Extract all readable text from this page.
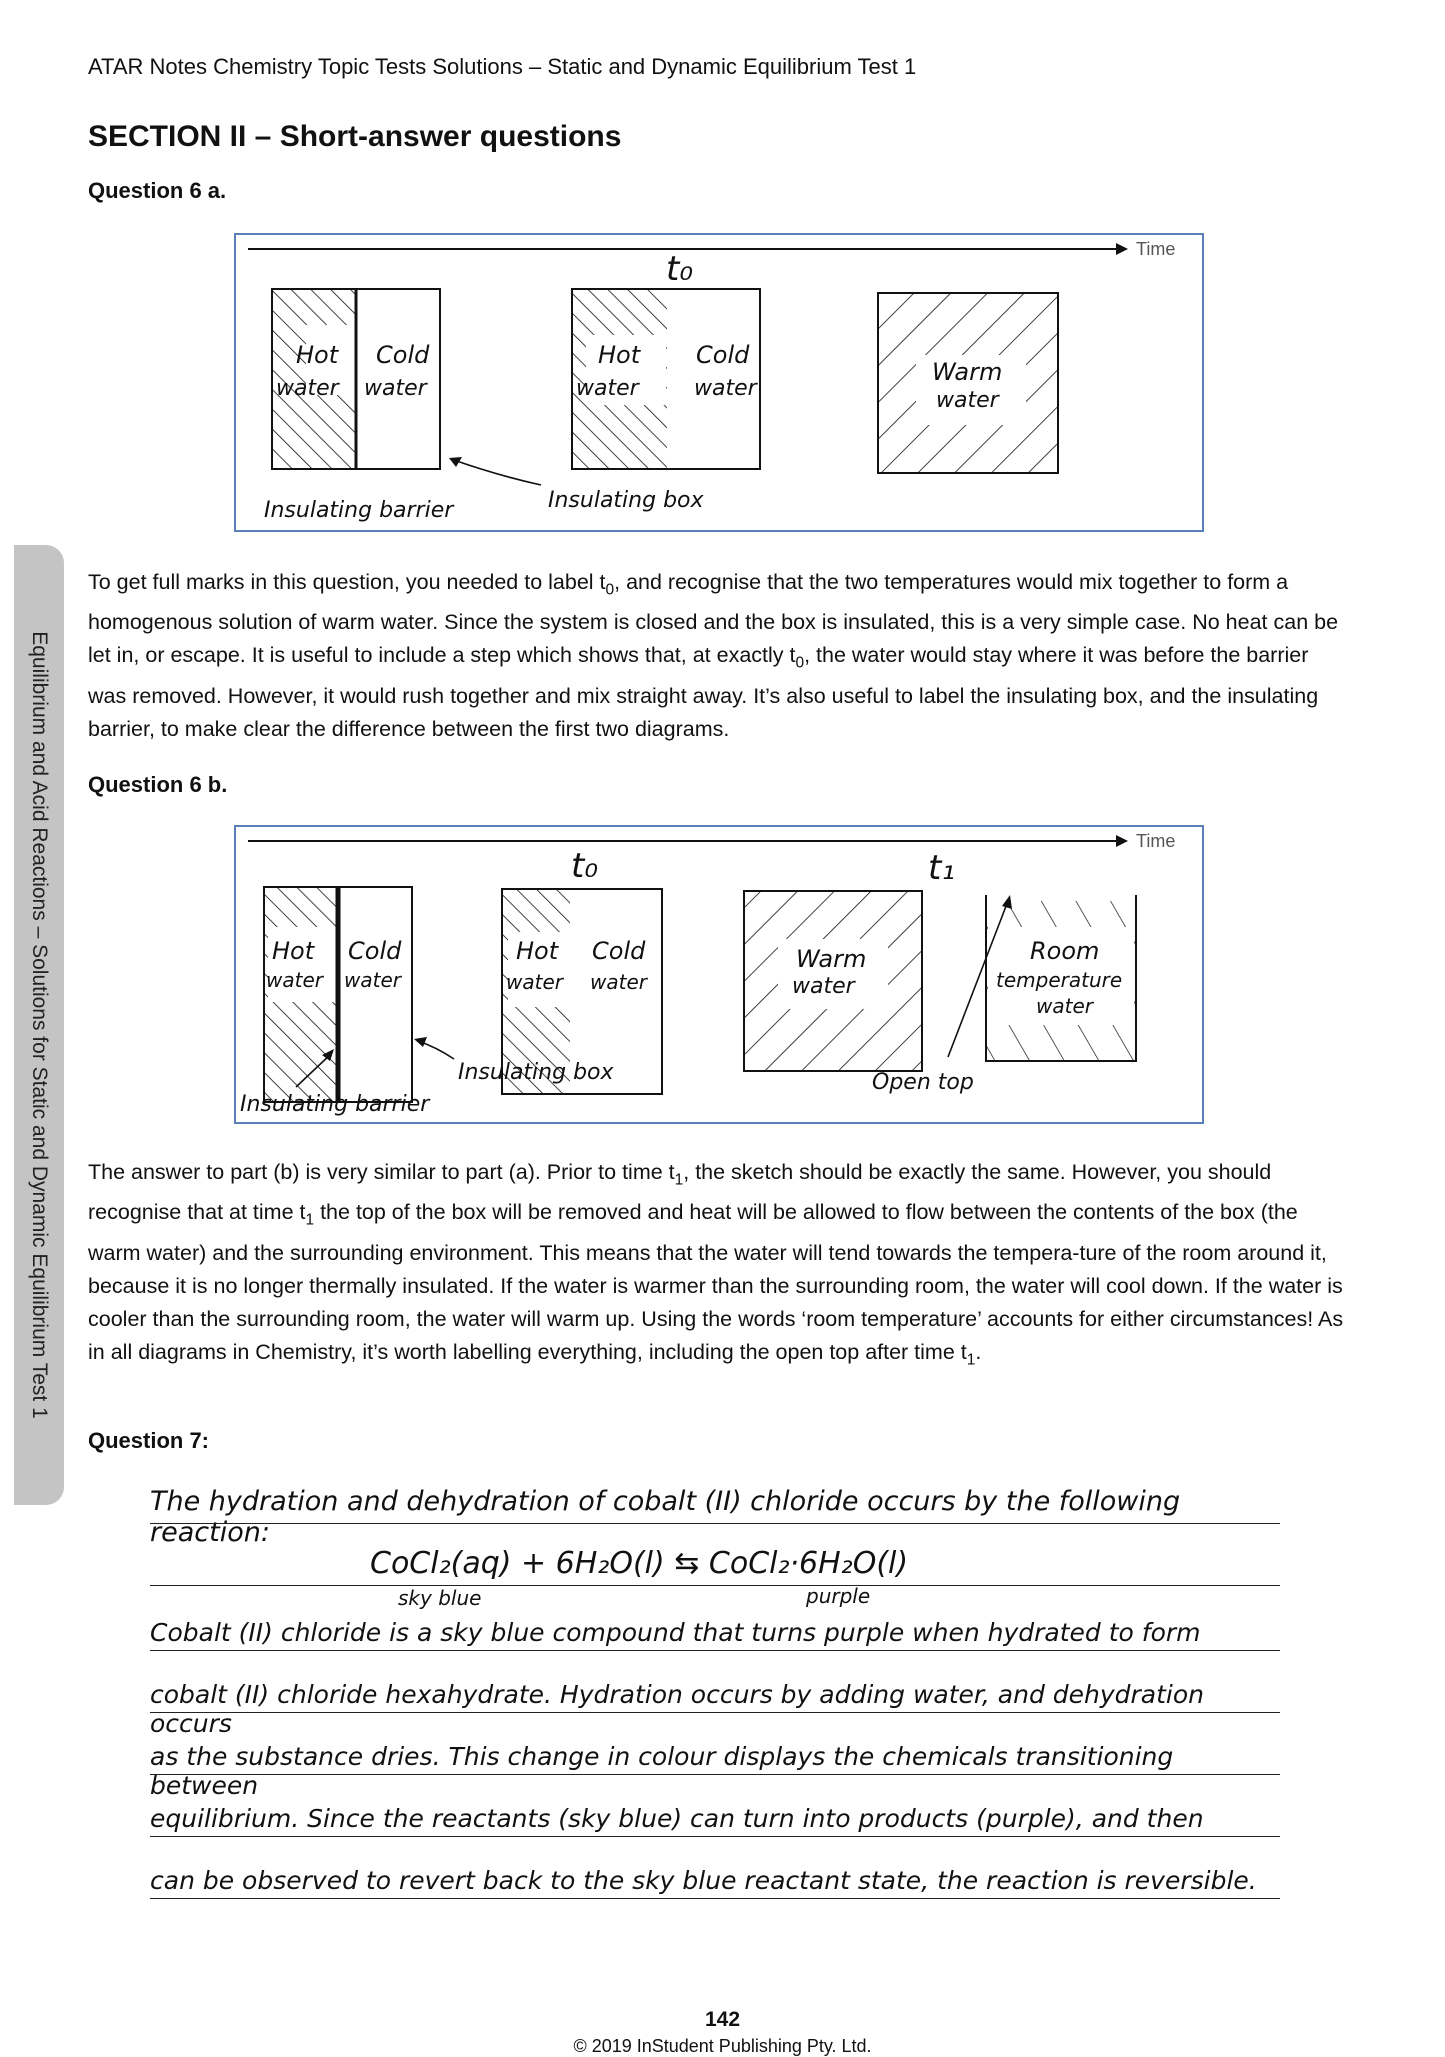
ATAR Notes Chemistry Topic Tests Solutions – Static and Dynamic Equilibrium Test 1
SECTION II – Short-answer questions
Equilibrium and Acid Reactions – Solutions for Static and Dynamic Equilibrium Test 1
Question 6 a.
Time
t₀
Hot
water
Cold
water
Hot
water
Cold
water
Warm
water
Insulating barrier	Insulating box

To get full marks in this question, you needed to label $t_0$, and recognise that the two temperatures would mix together to form a homogenous solution of warm water. Since the system is closed and the box is insulated, this is a very simple case. No heat can be let in, or escape. It is useful to include a step which shows that, at exactly $t_0$, the water would stay where it was before the barrier was removed. However, it would rush together and mix straight away. It’s also useful to label the insulating box, and the insulating barrier, to make clear the difference between the first two diagrams.

Question 6 b.
Time
t₀	t₁
Hot
water
Cold
water
Hot
water
Cold
water
Warm
water
Room
temperature
water
Insulating barrier
Insulating box	Open top

The answer to part (b) is very similar to part (a). Prior to time $t_1$, the sketch should be exactly the same. However, you should recognise that at time $t_1$ the top of the box will be removed and heat will be allowed to flow between the contents of the box (the warm water) and the surrounding environment. This means that the water will tend towards the tempera-ture of the room around it, because it is no longer thermally insulated. If the water is warmer than the surrounding room, the water will cool down. If the water is cooler than the surrounding room, the water will warm up. Using the words ‘room temperature’ accounts for either circumstances! As in all diagrams in Chemistry, it’s worth labelling everything, including the open top after time $t_1$.

Question 7:
The hydration and dehydration of cobalt (II) chloride occurs by the following reaction:
CoCl₂(aq) + 6H₂O(l) ⇆ CoCl₂·6H₂O(l)
sky blue	purple
Cobalt (II) chloride is a sky blue compound that turns purple when hydrated to form
cobalt (II) chloride hexahydrate. Hydration occurs by adding water, and dehydration occurs
as the substance dries. This change in colour displays the chemicals transitioning between
equilibrium. Since the reactants (sky blue) can turn into products (purple), and then
can be observed to revert back to the sky blue reactant state, the reaction is reversible.
142
© 2019 InStudent Publishing Pty. Ltd.
